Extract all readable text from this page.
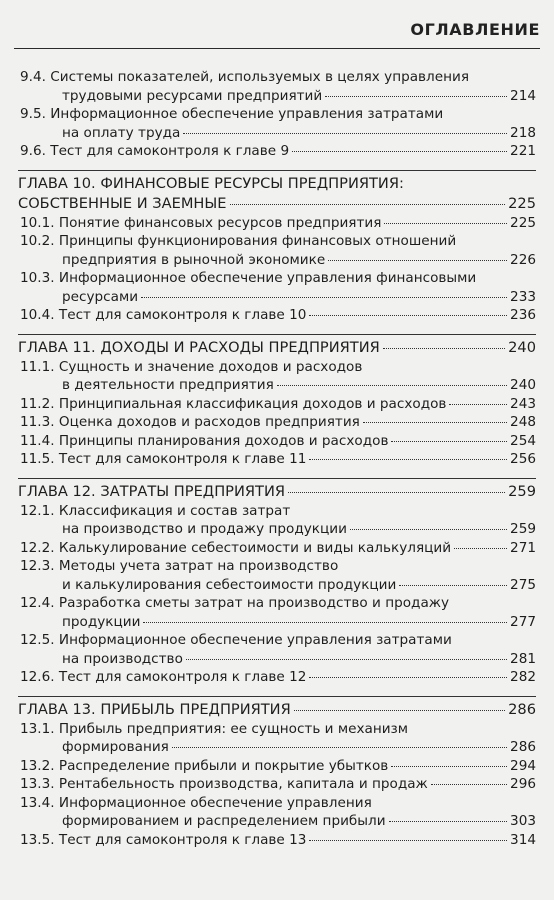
ОГЛАВЛЕНИЕ
9.4. Системы показателей, используемых в целях управления
трудовыми ресурсами предприятий	214
9.5. Информационное обеспечение управления затратами
на оплату труда	218
9.6. Тест для самоконтроля к главе 9	221
ГЛАВА 10. ФИНАНСОВЫЕ РЕСУРСЫ ПРЕДПРИЯТИЯ:
СОБСТВЕННЫЕ И ЗАЕМНЫЕ	225
10.1. Понятие финансовых ресурсов предприятия	225
10.2. Принципы функционирования финансовых отношений
предприятия в рыночной экономике	226
10.3. Информационное обеспечение управления финансовыми
ресурсами	233
10.4. Тест для самоконтроля к главе 10	236
ГЛАВА 11. ДОХОДЫ И РАСХОДЫ ПРЕДПРИЯТИЯ	240
11.1. Сущность и значение доходов и расходов
в деятельности предприятия	240
11.2. Принципиальная классификация доходов и расходов	243
11.3. Оценка доходов и расходов предприятия	248
11.4. Принципы планирования доходов и расходов	254
11.5. Тест для самоконтроля к главе 11	256
ГЛАВА 12. ЗАТРАТЫ ПРЕДПРИЯТИЯ	259
12.1. Классификация и состав затрат
на производство и продажу продукции	259
12.2. Калькулирование себестоимости и виды калькуляций	271
12.3. Методы учета затрат на производство
и калькулирования себестоимости продукции	275
12.4. Разработка сметы затрат на производство и продажу
продукции	277
12.5. Информационное обеспечение управления затратами
на производство	281
12.6. Тест для самоконтроля к главе 12	282
ГЛАВА 13. ПРИБЫЛЬ ПРЕДПРИЯТИЯ	286
13.1. Прибыль предприятия: ее сущность и механизм
формирования	286
13.2. Распределение прибыли и покрытие убытков	294
13.3. Рентабельность производства, капитала и продаж	296
13.4. Информационное обеспечение управления
формированием и распределением прибыли	303
13.5. Тест для самоконтроля к главе 13	314
